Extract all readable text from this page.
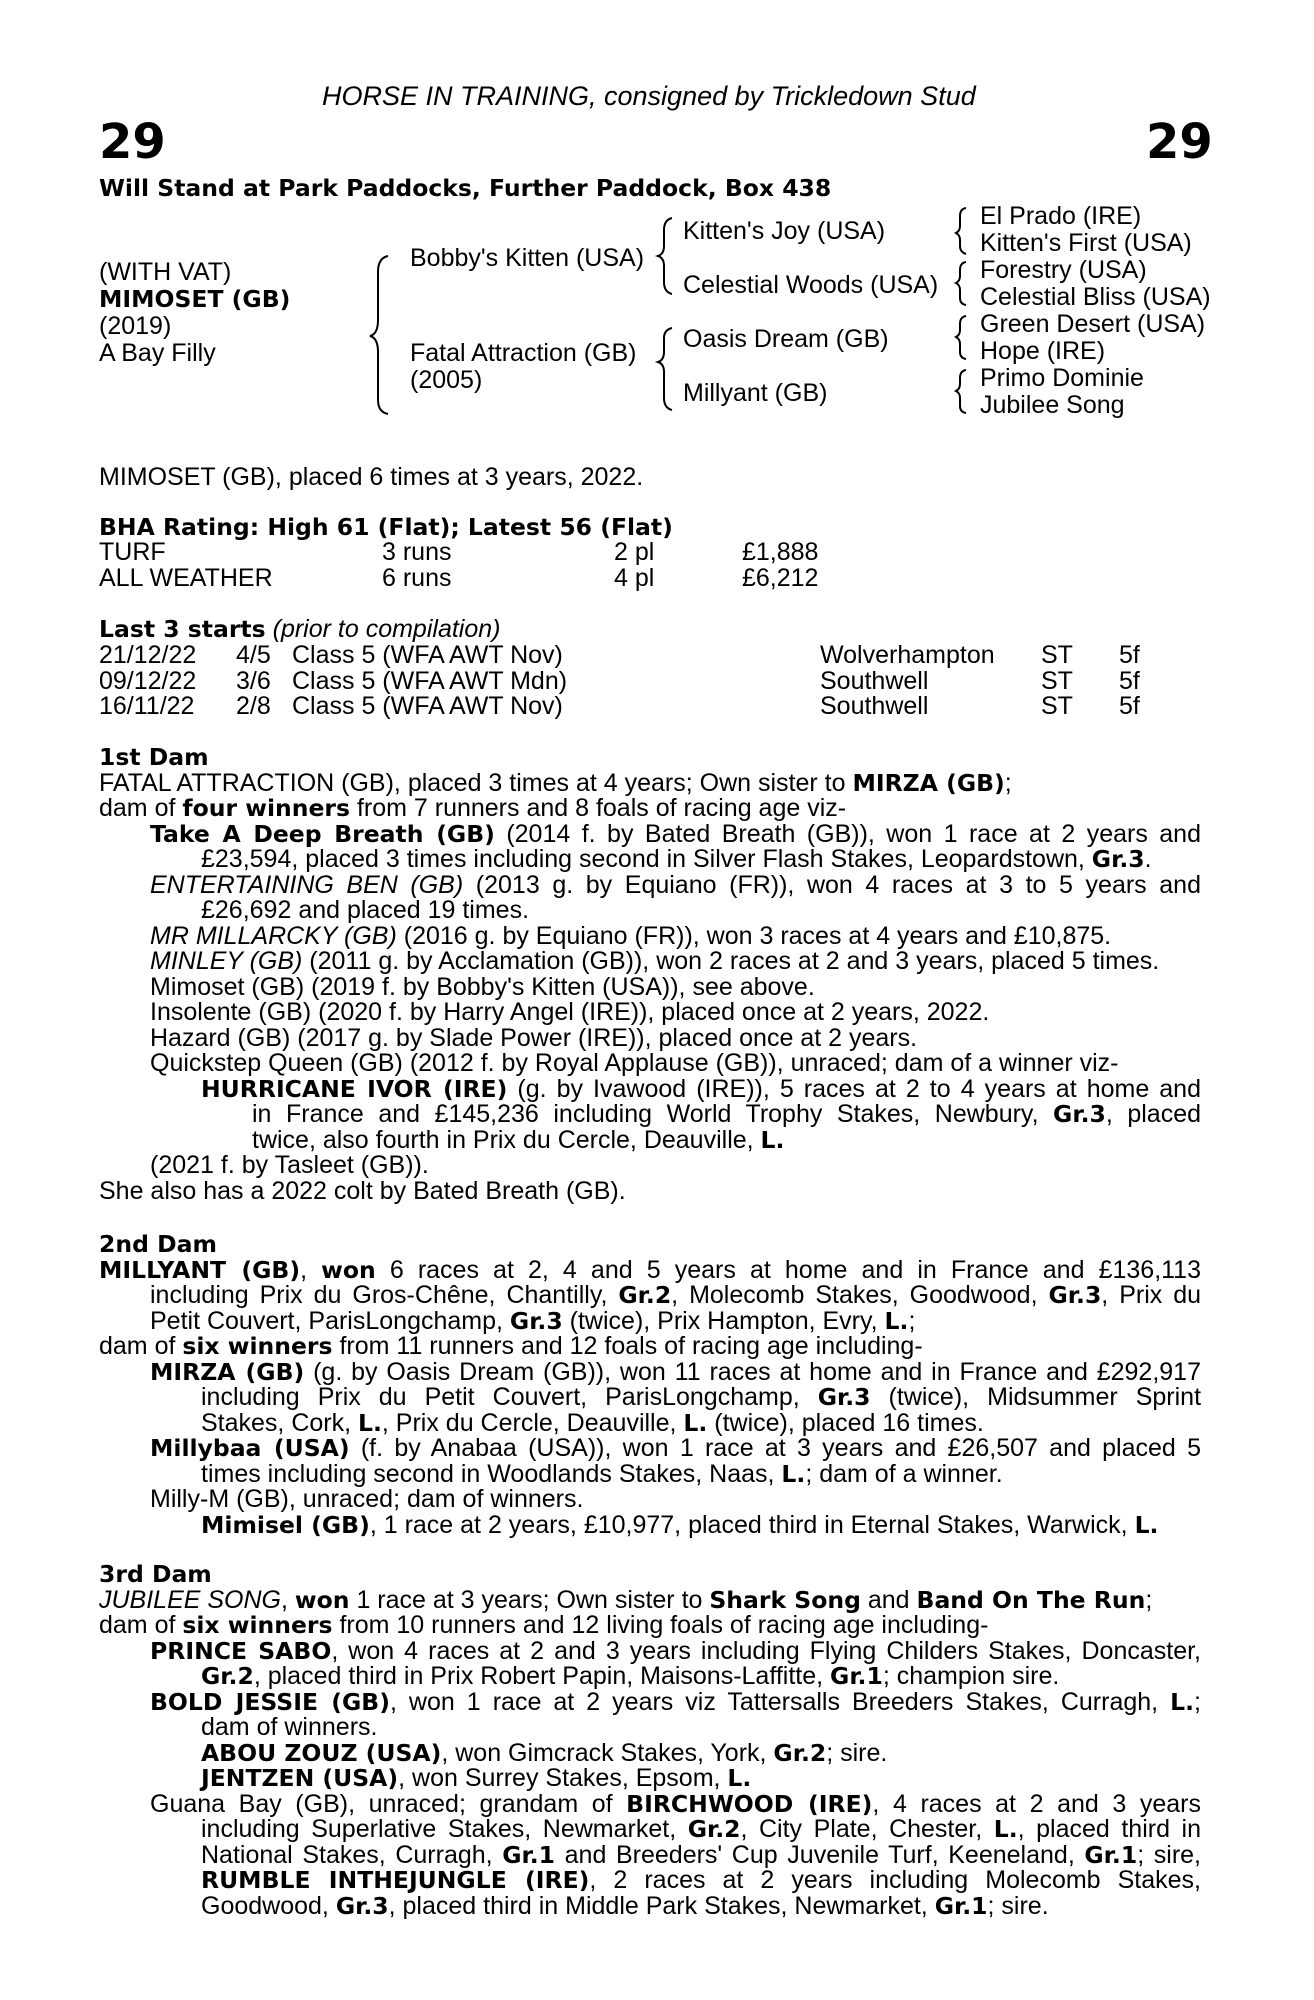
HORSE IN TRAINING, consigned by Trickledown Stud
29	29
Will Stand at Park Paddocks, Further Paddock, Box 438
(WITH VAT)
MIMOSET (GB)
(2019)
A Bay Filly
Bobby's Kitten (USA)
Fatal Attraction (GB)
(2005)
Kitten's Joy (USA)
Celestial Woods (USA)
Oasis Dream (GB)
Millyant (GB)
El Prado (IRE)
Kitten's First (USA)
Forestry (USA)
Celestial Bliss (USA)
Green Desert (USA)
Hope (IRE)
Primo Dominie
Jubilee Song
MIMOSET (GB), placed 6 times at 3 years, 2022.
BHA Rating: High 61 (Flat); Latest 56 (Flat)
TURF	3 runs	2 pl	£1,888
ALL WEATHER	6 runs	4 pl	£6,212
Last 3 starts (prior to compilation)
21/12/22 4/5 Class 5 (WFA AWT Nov)	Wolverhampton ST 5f
09/12/22 3/6 Class 5 (WFA AWT Mdn)	Southwell	ST 5f
16/11/22 2/8 Class 5 (WFA AWT Nov)	Southwell	ST 5f
1st Dam
FATAL ATTRACTION (GB), placed 3 times at 4 years; Own sister to MIRZA (GB);
dam of four winners from 7 runners and 8 foals of racing age viz-
Take A Deep Breath (GB) (2014 f. by Bated Breath (GB)), won 1 race at 2 years and
£23,594, placed 3 times including second in Silver Flash Stakes, Leopardstown, Gr.3.
ENTERTAINING BEN (GB) (2013 g. by Equiano (FR)), won 4 races at 3 to 5 years and
£26,692 and placed 19 times.
MR MILLARCKY (GB) (2016 g. by Equiano (FR)), won 3 races at 4 years and £10,875.
MINLEY (GB) (2011 g. by Acclamation (GB)), won 2 races at 2 and 3 years, placed 5 times.
Mimoset (GB) (2019 f. by Bobby's Kitten (USA)), see above.
Insolente (GB) (2020 f. by Harry Angel (IRE)), placed once at 2 years, 2022.
Hazard (GB) (2017 g. by Slade Power (IRE)), placed once at 2 years.
Quickstep Queen (GB) (2012 f. by Royal Applause (GB)), unraced; dam of a winner viz-
HURRICANE IVOR (IRE) (g. by Ivawood (IRE)), 5 races at 2 to 4 years at home and
in France and £145,236 including World Trophy Stakes, Newbury, Gr.3, placed
twice, also fourth in Prix du Cercle, Deauville, L.
(2021 f. by Tasleet (GB)).
She also has a 2022 colt by Bated Breath (GB).
2nd Dam
MILLYANT (GB), won 6 races at 2, 4 and 5 years at home and in France and £136,113
including Prix du Gros-Chêne, Chantilly, Gr.2, Molecomb Stakes, Goodwood, Gr.3, Prix du
Petit Couvert, ParisLongchamp, Gr.3 (twice), Prix Hampton, Evry, L.;
dam of six winners from 11 runners and 12 foals of racing age including-
MIRZA (GB) (g. by Oasis Dream (GB)), won 11 races at home and in France and £292,917
including Prix du Petit Couvert, ParisLongchamp, Gr.3 (twice), Midsummer Sprint
Stakes, Cork, L., Prix du Cercle, Deauville, L. (twice), placed 16 times.
Millybaa (USA) (f. by Anabaa (USA)), won 1 race at 3 years and £26,507 and placed 5
times including second in Woodlands Stakes, Naas, L.; dam of a winner.
Milly-M (GB), unraced; dam of winners.
Mimisel (GB), 1 race at 2 years, £10,977, placed third in Eternal Stakes, Warwick, L.
3rd Dam
JUBILEE SONG, won 1 race at 3 years; Own sister to Shark Song and Band On The Run;
dam of six winners from 10 runners and 12 living foals of racing age including-
PRINCE SABO, won 4 races at 2 and 3 years including Flying Childers Stakes, Doncaster,
Gr.2, placed third in Prix Robert Papin, Maisons-Laffitte, Gr.1; champion sire.
BOLD JESSIE (GB), won 1 race at 2 years viz Tattersalls Breeders Stakes, Curragh, L.;
dam of winners.
ABOU ZOUZ (USA), won Gimcrack Stakes, York, Gr.2; sire.
JENTZEN (USA), won Surrey Stakes, Epsom, L.
Guana Bay (GB), unraced; grandam of BIRCHWOOD (IRE), 4 races at 2 and 3 years
including Superlative Stakes, Newmarket, Gr.2, City Plate, Chester, L., placed third in
National Stakes, Curragh, Gr.1 and Breeders' Cup Juvenile Turf, Keeneland, Gr.1; sire,
RUMBLE INTHEJUNGLE (IRE), 2 races at 2 years including Molecomb Stakes,
Goodwood, Gr.3, placed third in Middle Park Stakes, Newmarket, Gr.1; sire.
